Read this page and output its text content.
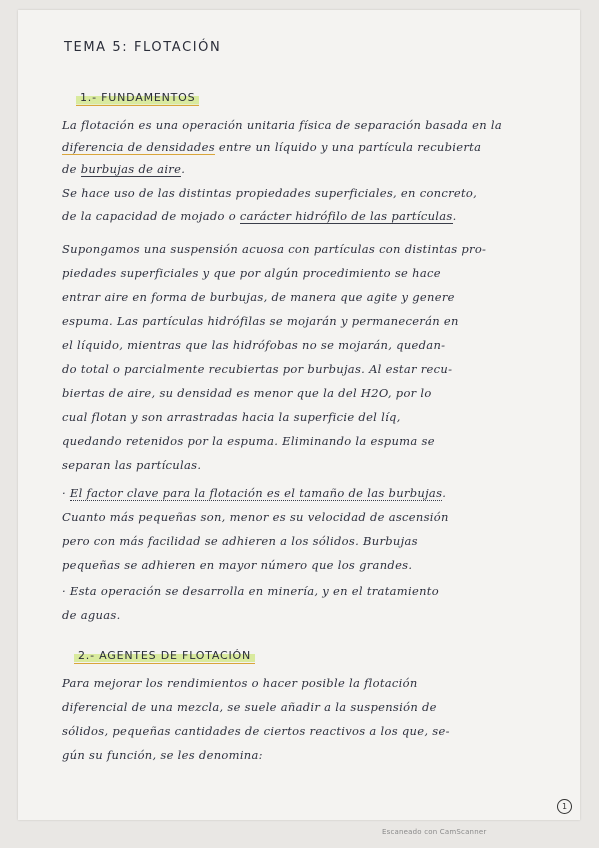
TEMA 5: FLOTACIÓN
1.- FUNDAMENTOS
La flotación es una operación unitaria física de separación basada en la
diferencia de densidades entre un líquido y una partícula recubierta
de burbujas de aire.
Se hace uso de las distintas propiedades superficiales, en concreto,
de la capacidad de mojado o carácter hidrófilo de las partículas.
Supongamos una suspensión acuosa con partículas con distintas pro-
piedades superficiales y que por algún procedimiento se hace
entrar aire en forma de burbujas, de manera que agite y genere
espuma. Las partículas hidrófilas se mojarán y permanecerán en
el líquido, mientras que las hidrófobas no se mojarán, quedan-
do total o parcialmente recubiertas por burbujas. Al estar recu-
biertas de aire, su densidad es menor que la del H2O, por lo
cual flotan y son arrastradas hacia la superficie del líq,
quedando retenidos por la espuma. Eliminando la espuma se
separan las partículas.
· El factor clave para la flotación es el tamaño de las burbujas.
Cuanto más pequeñas son, menor es su velocidad de ascensión
pero con más facilidad se adhieren a los sólidos. Burbujas
pequeñas se adhieren en mayor número que los grandes.
· Esta operación se desarrolla en minería, y en el tratamiento
de aguas.
2.- AGENTES DE FLOTACIÓN
Para mejorar los rendimientos o hacer posible la flotación
diferencial de una mezcla, se suele añadir a la suspensión de
sólidos, pequeñas cantidades de ciertos reactivos a los que, se-
gún su función, se les denomina:
1
Escaneado con CamScanner
